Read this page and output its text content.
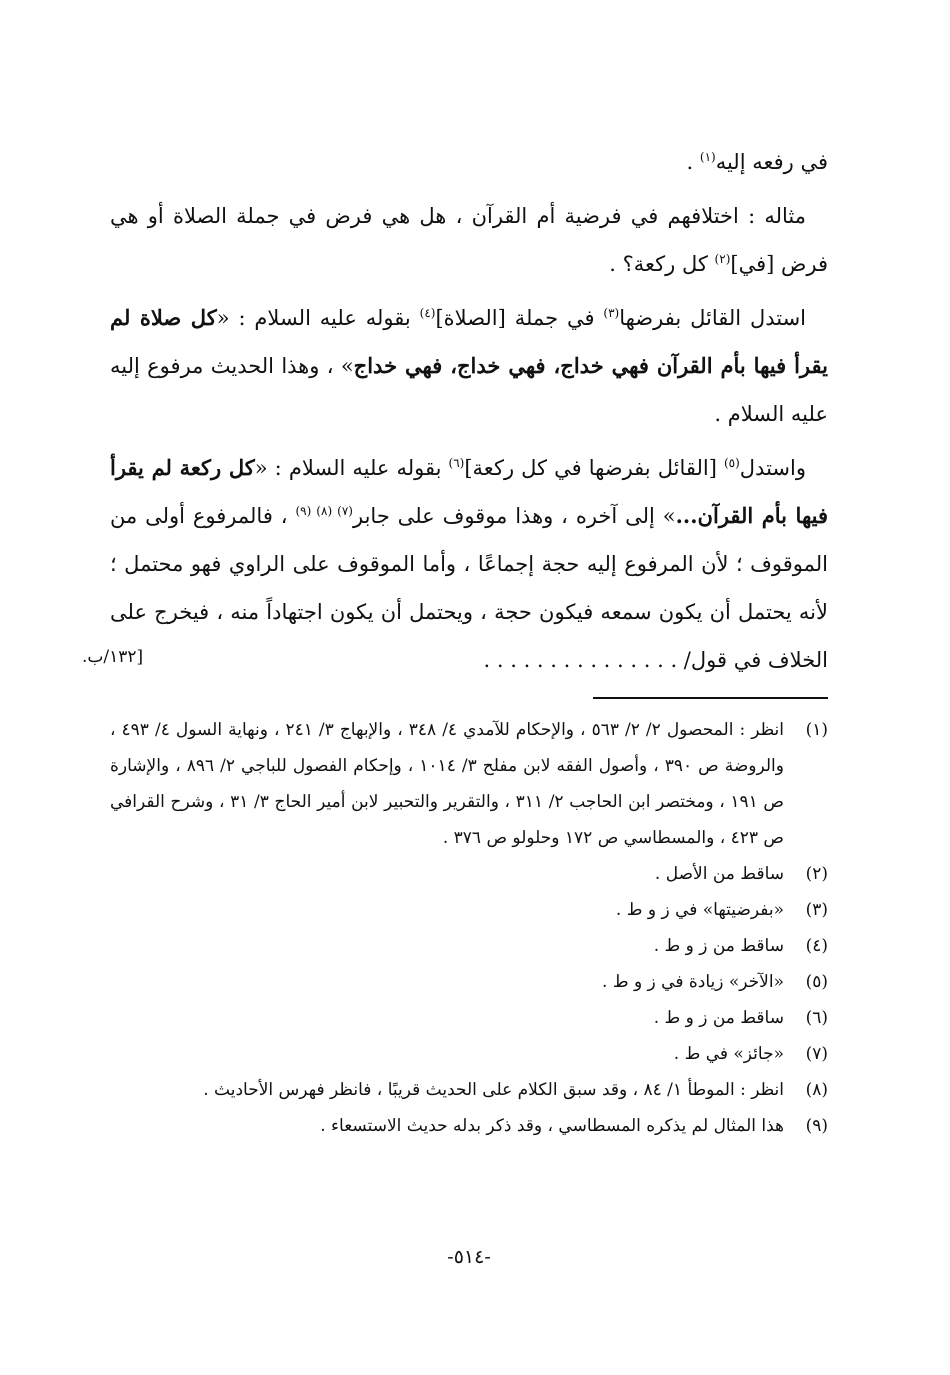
في رفعه إليه$^{(١)}$ .

مثاله : اختلافهم في فرضية أم القرآن ، هل هي فرض في جملة الصلاة أو هي فرض [في]$^{(٢)}$ كل ركعة؟ .

استدل القائل بفرضها$^{(٣)}$ في جملة [الصلاة]$^{(٤)}$ بقوله عليه السلام : «كل صلاة لم يقرأ فيها بأم القرآن فهي خداج، فهي خداج، فهي خداج» ، وهذا الحديث مرفوع إليه عليه السلام .

واستدل$^{(٥)}$ [القائل بفرضها في كل ركعة]$^{(٦)}$ بقوله عليه السلام : «كل ركعة لم يقرأ فيها بأم القرآن...» إلى آخره ، وهذا موقوف على جابر$^{(٧) (٨) (٩)}$ ، فالمرفوع أولى من الموقوف ؛ لأن المرفوع إليه حجة إجماعًا ، وأما الموقوف على الراوي فهو محتمل ؛ لأنه يحتمل أن يكون سمعه فيكون حجة ، ويحتمل أن يكون اجتهاداً منه ، فيخرج على الخلاف في قول/ . . . . . . . . . . . . . . .

.١٣٢/ب]
(١)
انظر : المحصول ٢/ ٢/ ٥٦٣ ، والإحكام للآمدي ٤/ ٣٤٨ ، والإبهاج ٣/ ٢٤١ ، ونهاية السول ٤/ ٤٩٣ ، والروضة ص ٣٩٠ ، وأصول الفقه لابن مفلح ٣/ ١٠١٤ ، وإحكام الفصول للباجي ٢/ ٨٩٦ ، والإشارة ص ١٩١ ، ومختصر ابن الحاجب ٢/ ٣١١ ، والتقرير والتحبير لابن أمير الحاج ٣/ ٣١ ، وشرح القرافي ص ٤٢٣ ، والمسطاسي ص ١٧٢ وحلولو ص ٣٧٦ .
(٢)
ساقط من الأصل .
(٣)
«بفرضيتها» في ز و ط .
(٤)
ساقط من ز و ط .
(٥)
«الآخر» زيادة في ز و ط .
(٦)
ساقط من ز و ط .
(٧)
«جائز» في ط .
(٨)
انظر : الموطأ ١/ ٨٤ ، وقد سبق الكلام على الحديث قريبًا ، فانظر فهرس الأحاديث .
(٩)
هذا المثال لم يذكره المسطاسي ، وقد ذكر بدله حديث الاستسعاء .
-٥١٤-
